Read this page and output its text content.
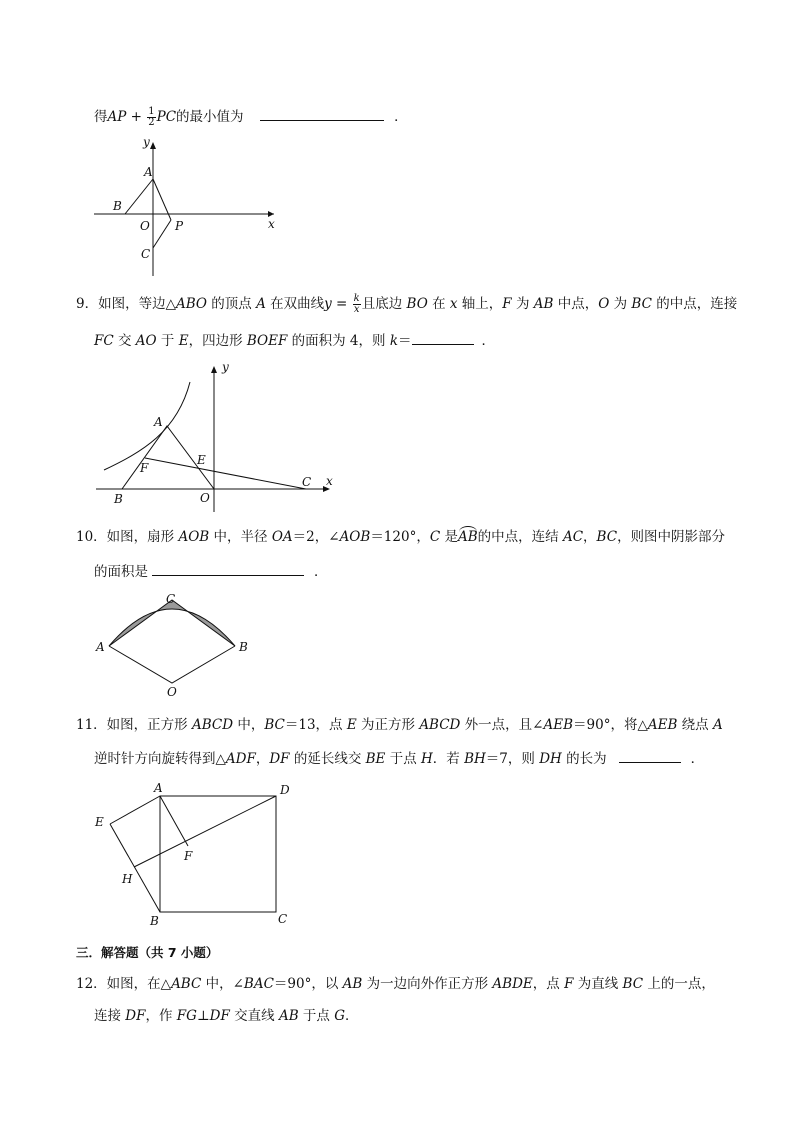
得AP + $\frac{1}{2}$ PC的最小值为	．
y
A
B
O P
C
x
9．如图，等边△ABO 的顶点 A 在双曲线$y = \frac{k}{x}$ 且底边 BO 在 x 轴上，F 为 AB 中点，O 为 BC 的中点，连接
FC 交 AO 于 E，四边形 BOEF 的面积为 4，则 k＝	．
A
F
E
B	O
C
y
x
10．如图，扇形 AOB 中，半径 OA＝2，∠AOB＝120°，C 是AB
的中点，连结 AC，BC，则图中阴影部分
的面积是	．
C
A	B
O
11．如图，正方形 ABCD 中，BC＝13，点 E 为正方形 ABCD 外一点，且∠AEB＝90°，将△AEB 绕点 A
逆时针方向旋转得到△ADF，DF 的延长线交 BE 于点 H．若 BH＝7，则 DH 的长为	．
A	D
E
F
H
B	C
三．解答题（共 7 小题）
12．如图，在△ABC 中，∠BAC＝90°，以 AB 为一边向外作正方形 ABDE，点 F 为直线 BC 上的一点，
连接 DF，作 FG⊥DF 交直线 AB 于点 G．
